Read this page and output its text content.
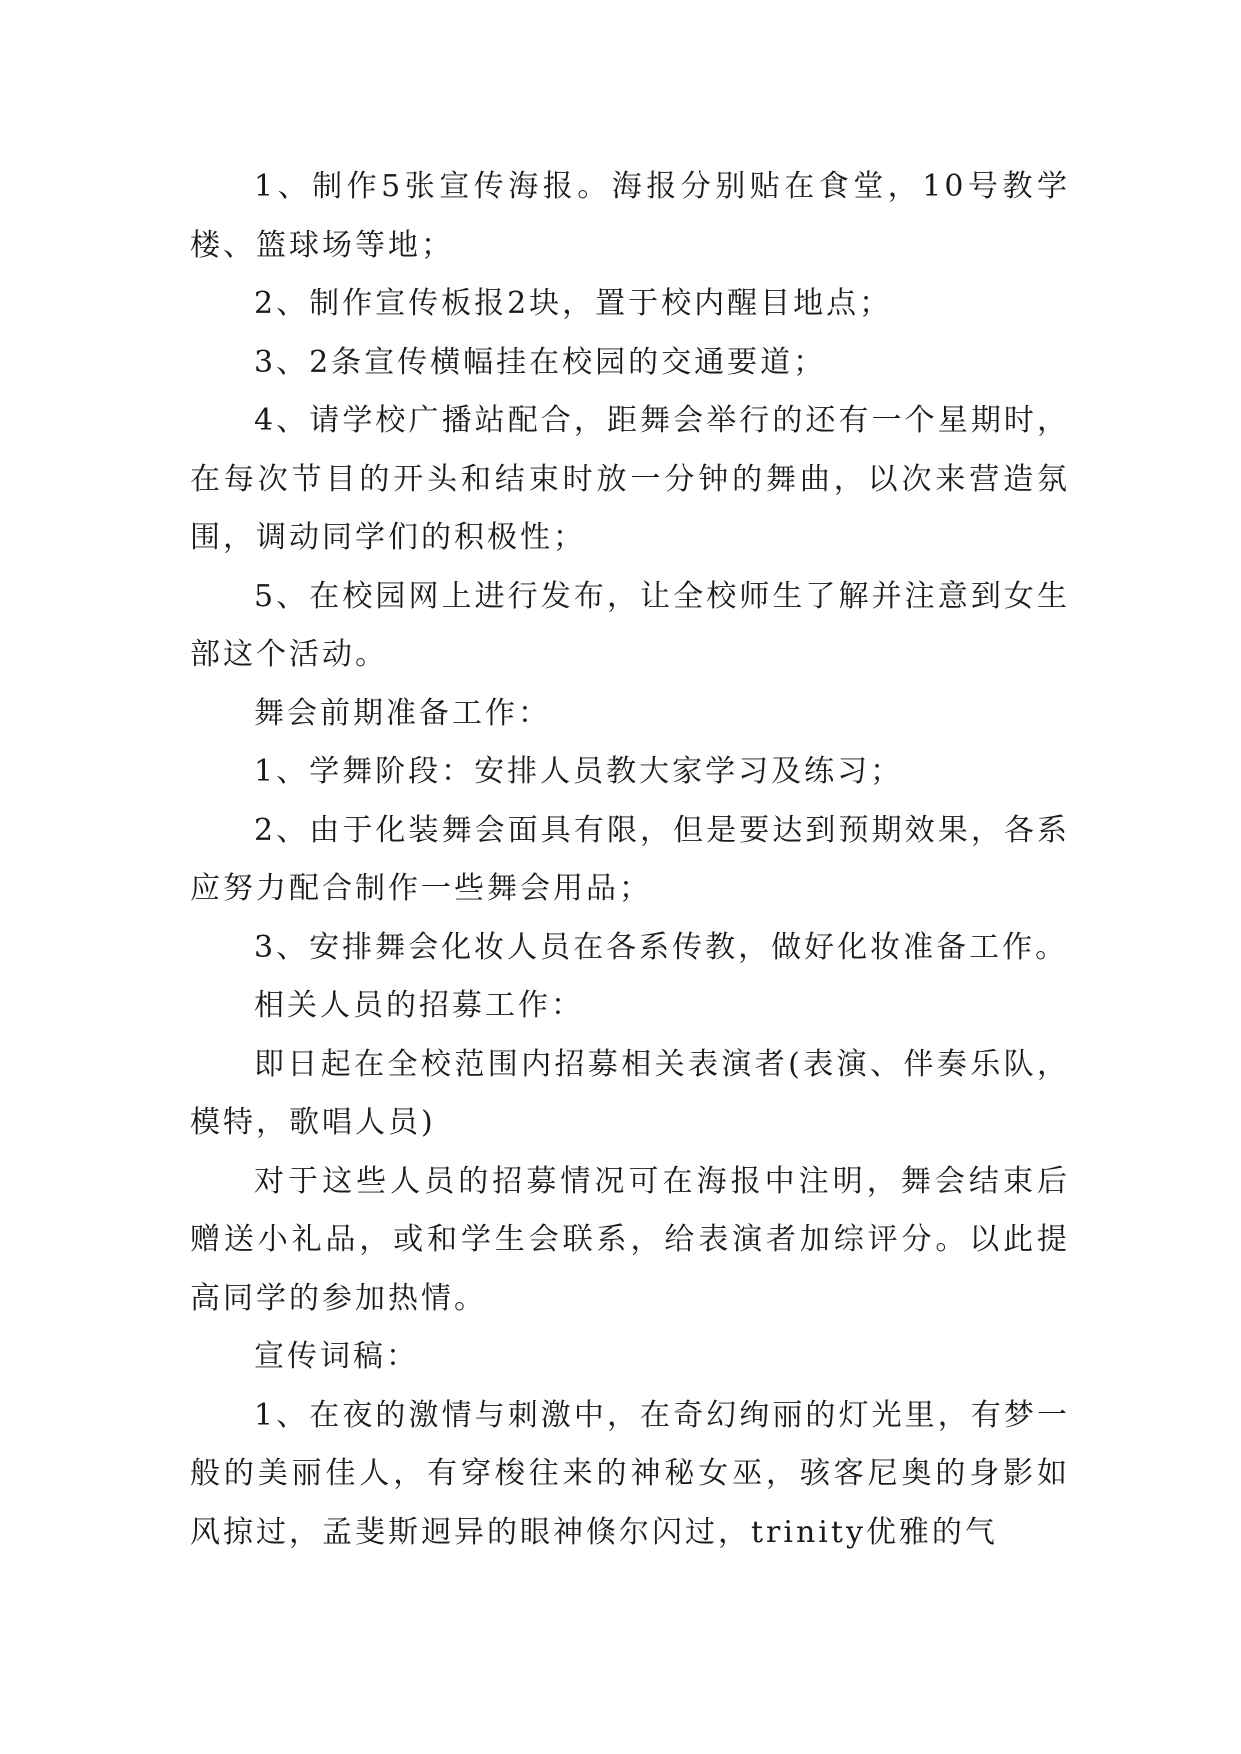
1、制作5张宣传海报。海报分别贴在食堂，10号教学楼、篮球场等地；

2、制作宣传板报2块，置于校内醒目地点；

3、2条宣传横幅挂在校园的交通要道；

4、请学校广播站配合，距舞会举行的还有一个星期时，在每次节目的开头和结束时放一分钟的舞曲，以次来营造氛围，调动同学们的积极性；

5、在校园网上进行发布，让全校师生了解并注意到女生部这个活动。

舞会前期准备工作：

1、学舞阶段：安排人员教大家学习及练习；

2、由于化装舞会面具有限，但是要达到预期效果，各系应努力配合制作一些舞会用品；

3、安排舞会化妆人员在各系传教，做好化妆准备工作。

相关人员的招募工作：

即日起在全校范围内招募相关表演者(表演、伴奏乐队，模特，歌唱人员)

对于这些人员的招募情况可在海报中注明，舞会结束后赠送小礼品，或和学生会联系，给表演者加综评分。以此提高同学的参加热情。

宣传词稿：

1、在夜的激情与刺激中，在奇幻绚丽的灯光里，有梦一般的美丽佳人，有穿梭往来的神秘女巫，骇客尼奥的身影如风掠过，孟斐斯迥异的眼神倏尔闪过，trinity优雅的气
